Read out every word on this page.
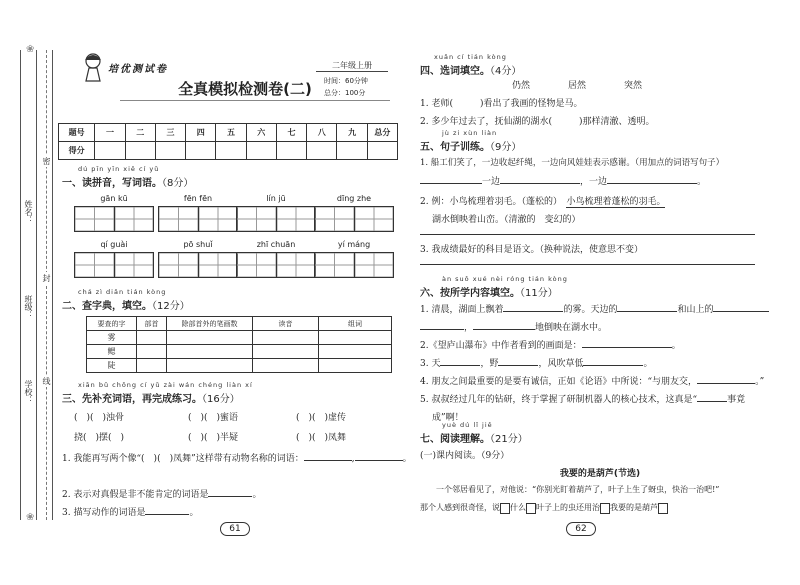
姓名：
班级：
学校：
密
封
线
❀
❀
培优测试卷	二年级上册
时间：60分钟
总分：100分
全真模拟检测卷(二)
题号	一	二	三	四	五	六	七	八	九	总分
得分										
dú pīn yīn xiě cí yǔ
一、读拼音，写词语。（8分）
gān kū	fēn fēn	lín jū	dīng zhe
qí guài	pō shuǐ	zhī chuān	yí máng
chá zì diǎn tián kòng
二、查字典，填空。（12分）
要查的字	部首	除部首外的笔画数	读音	组词
雾				
鳃				
陡				
xiān bǔ chōng cí yǔ zài wán chéng liàn xí
三、先补充词语，再完成练习。（16分）
(　)(　)浊骨	(　)(　)蜜语	(　)(　)虚传
挠(　)摆(　)	(　)(　)半疑	(　)(　)凤舞
1. 我能再写两个像“(　)(　)凤舞”这样带有动物名称的词语：	,	。
2. 表示对真假是非不能肯定的词语是	。
3. 描写动作的词语是	。
61
xuǎn cí tián kòng
四、选词填空。（4分）
仍然	居然	突然
1. 老师(　　　)看出了我画的怪物是马。
2. 多少年过去了，抚仙湖的湖水(　　　)那样清澈、透明。
jù zi xùn liàn
五、句子训练。（9分）
1. 船工们笑了，一边收起纤绳，一边向风娃娃表示感谢。（用加点的词语写句子）
一边	，一边	。
2. 例：小鸟梳理着羽毛。（蓬松的）　 小鸟梳理着蓬松的羽毛。
湖水倒映着山峦。（清澈的　变幻的）
3. 我成绩最好的科目是语文。（换种说法，使意思不变）
àn suǒ xué nèi róng tián kòng
六、按所学内容填空。（11分）
1. 清晨，湖面上飘着	的雾。天边的	和山上的
，	地倒映在湖水中。
2.《望庐山瀑布》中作者看到的画面是：	。
3. 天	，野	，风吹草低	。
4. 朋友之间最重要的是要有诚信，正如《论语》中所说：“与朋友交，	。”
5. 叔叔经过几年的钻研，终于掌握了研制机器人的核心技术，这真是“	事竟
成”啊！
yuè dú lǐ jiě
七、阅读理解。（21分）
(一)课内阅读。（9分）
我要的是葫芦(节选)
一个邻居看见了，对他说：“你别光盯着葫芦了，叶子上生了蚜虫，快治一治吧!”
那个人感到很奇怪，说 什么 叶子上的虫还用治 我要的是葫芦
62
